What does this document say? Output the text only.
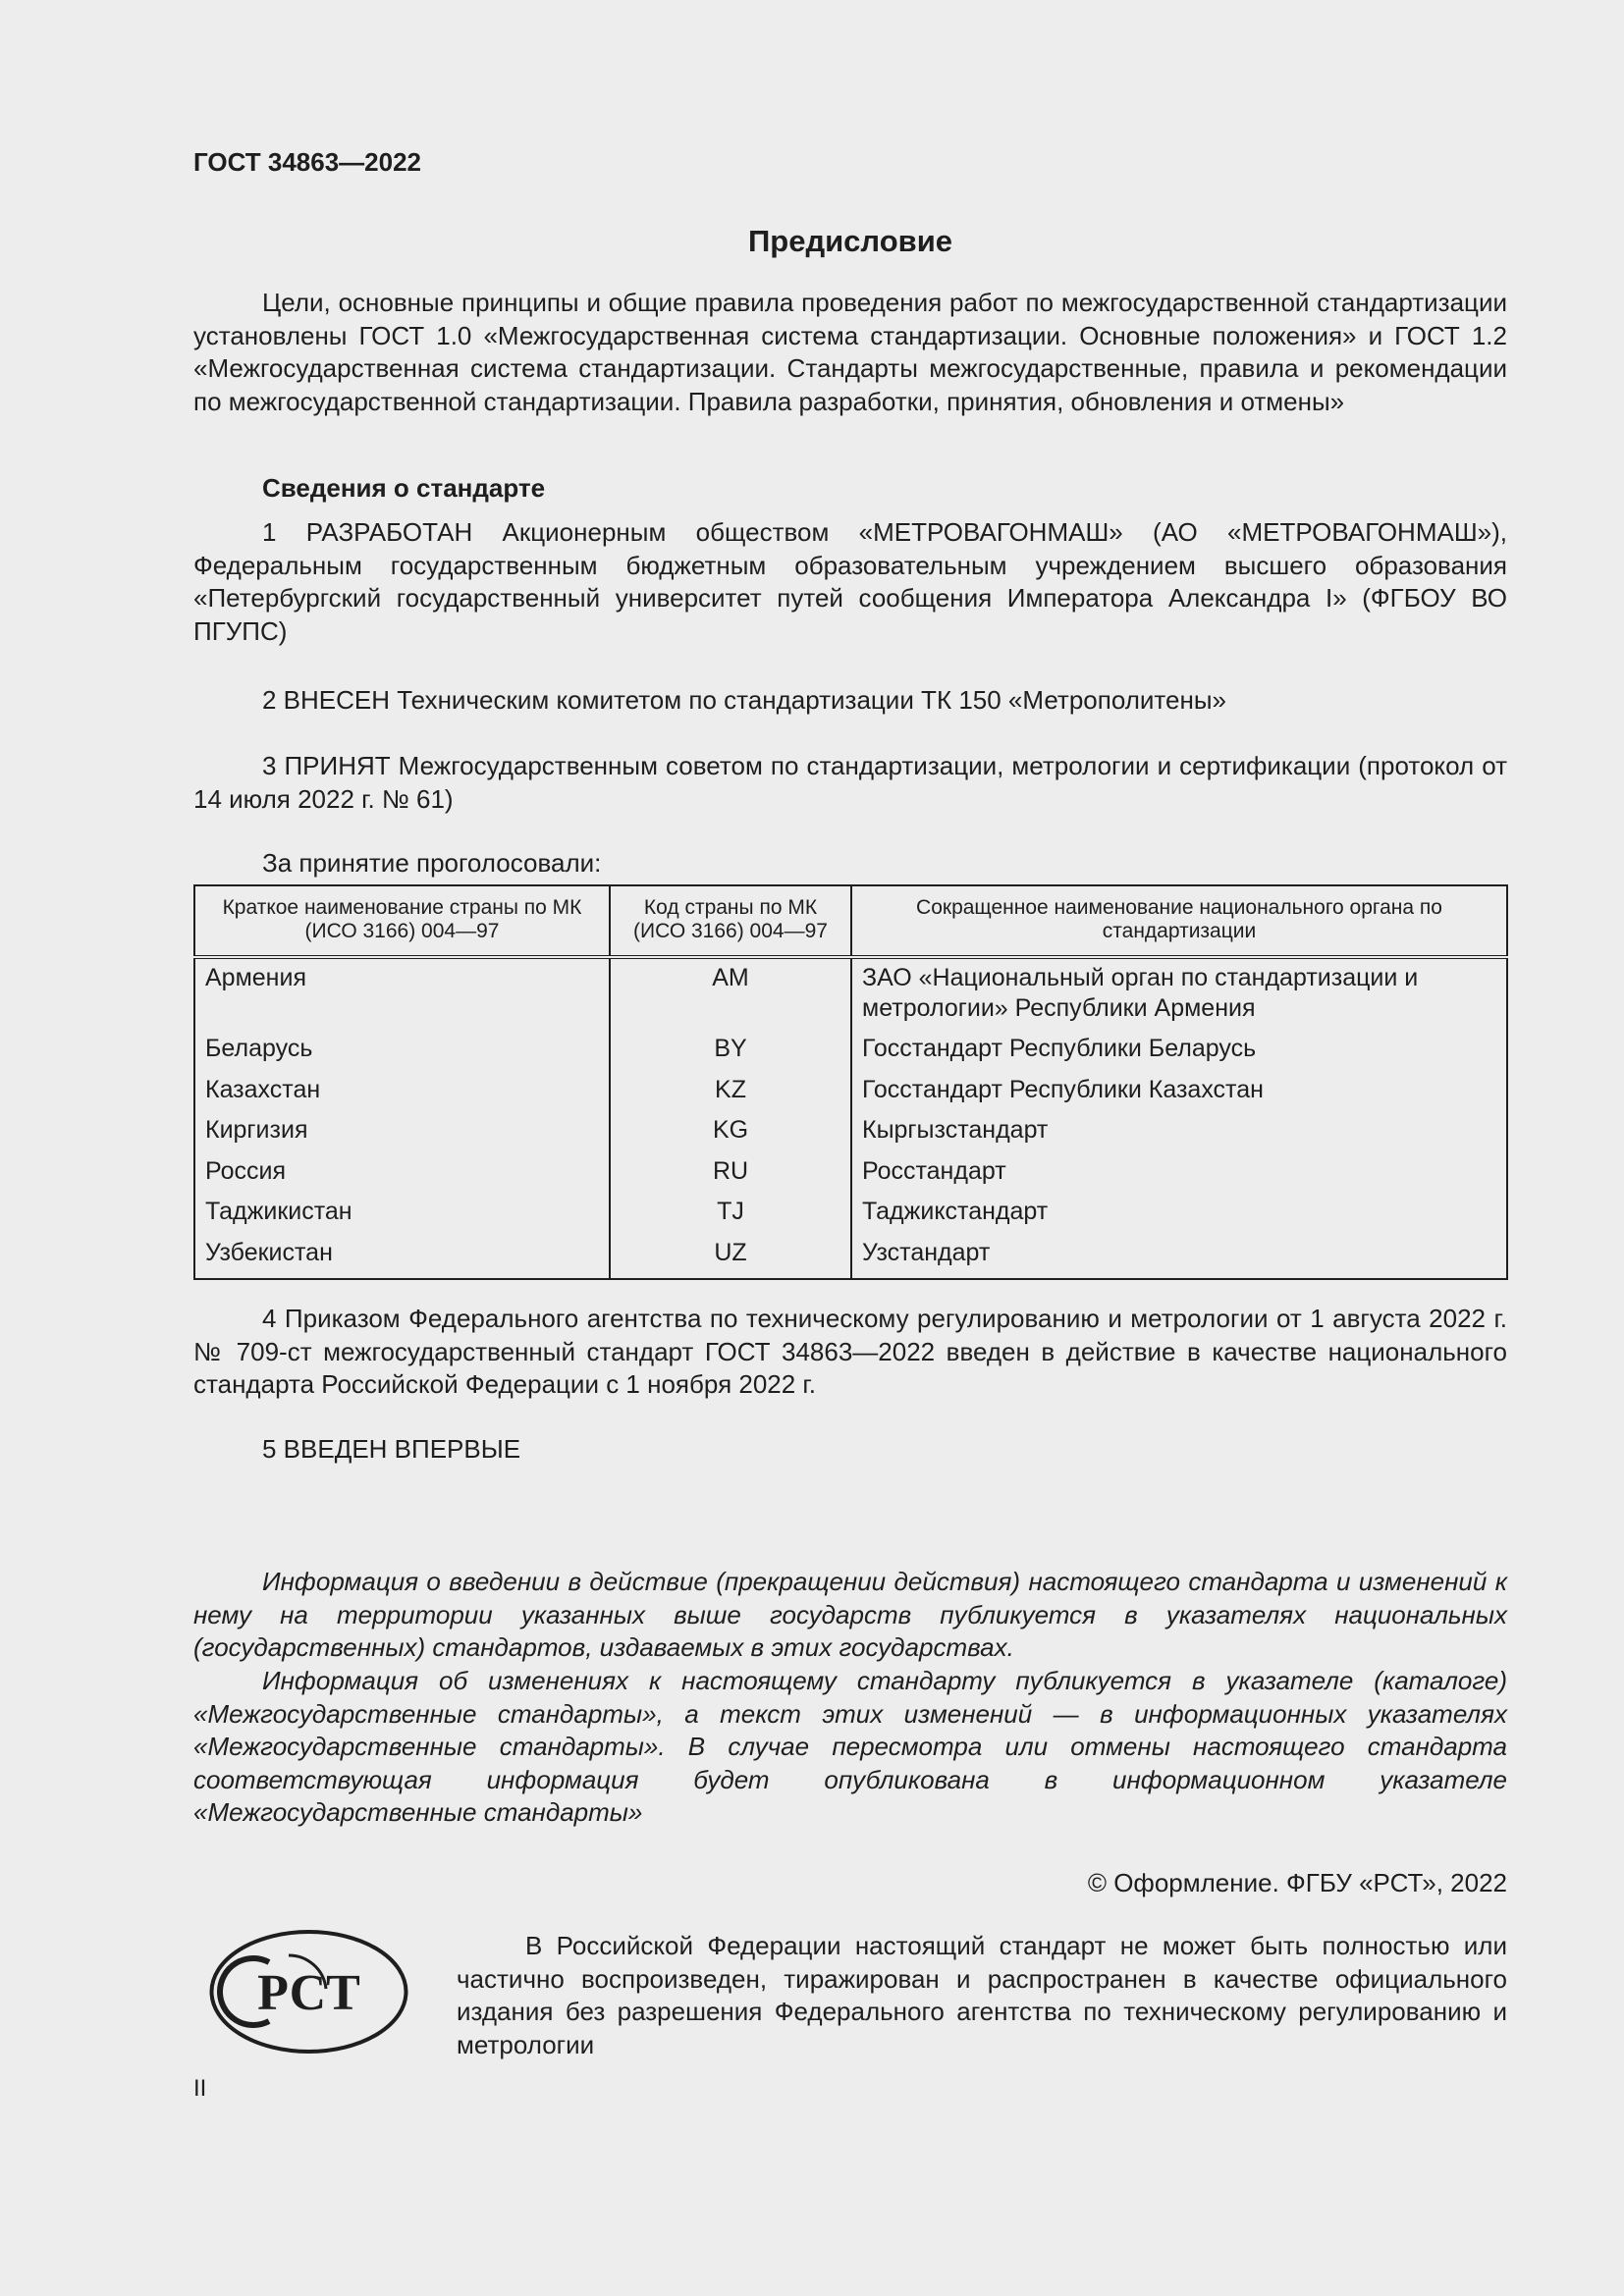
ГОСТ 34863—2022
Предисловие

Цели, основные принципы и общие правила проведения работ по межгосударственной стандартизации установлены ГОСТ 1.0 «Межгосударственная система стандартизации. Основные положения» и ГОСТ 1.2 «Межгосударственная система стандартизации. Стандарты межгосударственные, правила и рекомендации по межгосударственной стандартизации. Правила разработки, принятия, обновления и отмены»

Сведения о стандарте

1 РАЗРАБОТАН Акционерным обществом «МЕТРОВАГОНМАШ» (АО «МЕТРОВАГОНМАШ»), Федеральным государственным бюджетным образовательным учреждением высшего образования «Петербургский государственный университет путей сообщения Императора Александра I» (ФГБОУ ВО ПГУПС)

2 ВНЕСЕН Техническим комитетом по стандартизации ТК 150 «Метрополитены»

3 ПРИНЯТ Межгосударственным советом по стандартизации, метрологии и сертификации (протокол от 14 июля 2022 г. № 61)

За принятие проголосовали:
Краткое наименование страны по МК (ИСО 3166) 004—97	Код страны по МК (ИСО 3166) 004—97	Сокращенное наименование национального органа по стандартизации
Армения	AM	ЗАО «Национальный орган по стандартизации и метрологии» Республики Армения
Беларусь	BY	Госстандарт Республики Беларусь
Казахстан	KZ	Госстандарт Республики Казахстан
Киргизия	KG	Кыргызстандарт
Россия	RU	Росстандарт
Таджикистан	TJ	Таджикстандарт
Узбекистан	UZ	Узстандарт

4 Приказом Федерального агентства по техническому регулированию и метрологии от 1 августа 2022 г. № 709-ст межгосударственный стандарт ГОСТ 34863—2022 введен в действие в качестве национального стандарта Российской Федерации с 1 ноября 2022 г.

5 ВВЕДЕН ВПЕРВЫЕ

Информация о введении в действие (прекращении действия) настоящего стандарта и изменений к нему на территории указанных выше государств публикуется в указателях национальных (государственных) стандартов, издаваемых в этих государствах.

Информация об изменениях к настоящему стандарту публикуется в указателе (каталоге) «Межгосударственные стандарты», а текст этих изменений — в информационных указателях «Межгосударственные стандарты». В случае пересмотра или отмены настоящего стандарта соответствующая информация будет опубликована в информационном указателе «Межгосударственные стандарты»

© Оформление. ФГБУ «РСТ», 2022
РСТ

В Российской Федерации настоящий стандарт не может быть полностью или частично воспроизведен, тиражирован и распространен в качестве официального издания без разрешения Федерального агентства по техническому регулированию и метрологии

II
